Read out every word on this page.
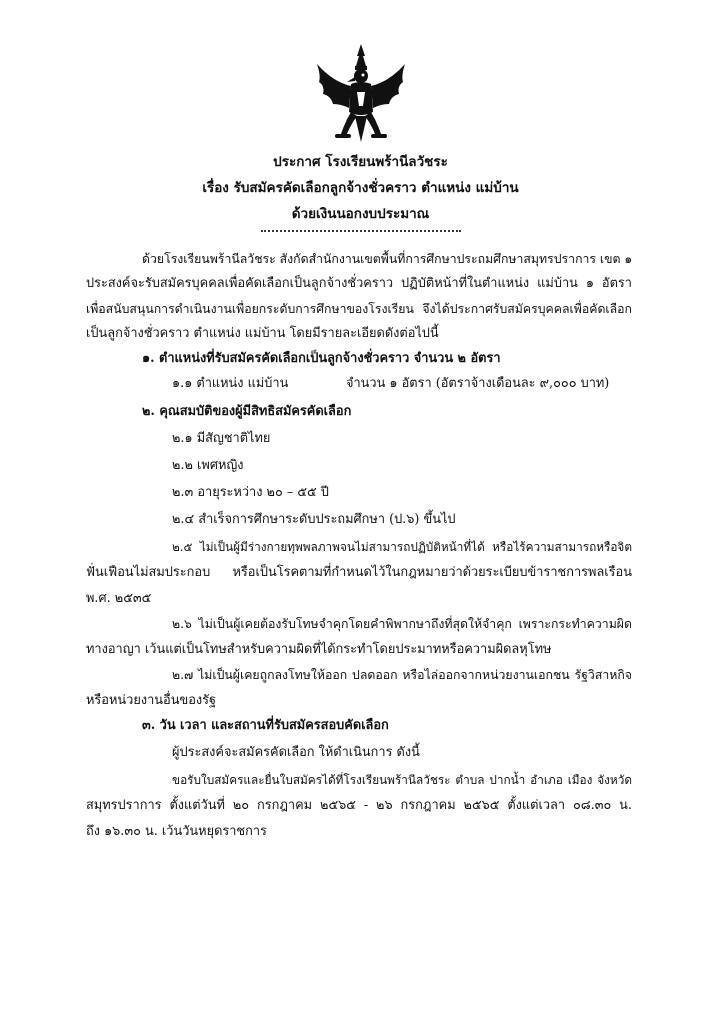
ประกาศ โรงเรียนพร้านีลวัชระ
เรื่อง รับสมัครคัดเลือกลูกจ้างชั่วคราว ตำแหน่ง แม่บ้าน
ด้วยเงินนอกงบประมาณ
ด้วยโรงเรียนพร้านีลวัชระ สังกัดสำนักงานเขตพื้นที่การศึกษาประถมศึกษาสมุทรปราการ เขต ๑
ประสงค์จะรับสมัครบุคคลเพื่อคัดเลือกเป็นลูกจ้างชั่วคราว ปฏิบัติหน้าที่ในตำแหน่ง แม่บ้าน ๑ อัตรา
เพื่อสนับสนุนการดำเนินงานเพื่อยกระดับการศึกษาของโรงเรียน จึงได้ประกาศรับสมัครบุคคลเพื่อคัดเลือก
เป็นลูกจ้างชั่วคราว ตำแหน่ง แม่บ้าน โดยมีรายละเอียดดังต่อไปนี้
๑. ตำแหน่งที่รับสมัครคัดเลือกเป็นลูกจ้างชั่วคราว จำนวน ๒ อัตรา
๑.๑ ตำแหน่ง แม่บ้าน	จำนวน ๑ อัตรา (อัตราจ้างเดือนละ ๙,๐๐๐ บาท)
๒. คุณสมบัติของผู้มีสิทธิสมัครคัดเลือก
๒.๑ มีสัญชาติไทย
๒.๒ เพศหญิง
๒.๓ อายุระหว่าง ๒๐ – ๕๕ ปี
๒.๔ สำเร็จการศึกษาระดับประถมศึกษา (ป.๖) ขึ้นไป
๒.๕ ไม่เป็นผู้มีร่างกายทุพพลภาพจนไม่สามารถปฏิบัติหน้าที่ได้ หรือไร้ความสามารถหรือจิต
ฟั่นเฟือนไม่สมประกอบ หรือเป็นโรคตามที่กำหนดไว้ในกฎหมายว่าด้วยระเบียบข้าราชการพลเรือน
พ.ศ. ๒๕๓๕
๒.๖ ไม่เป็นผู้เคยต้องรับโทษจำคุกโดยคำพิพากษาถึงที่สุดให้จำคุก เพราะกระทำความผิด
ทางอาญา เว้นแต่เป็นโทษสำหรับความผิดที่ได้กระทำโดยประมาทหรือความผิดลหุโทษ
๒.๗ ไม่เป็นผู้เคยถูกลงโทษให้ออก ปลดออก หรือไล่ออกจากหน่วยงานเอกชน รัฐวิสาหกิจ
หรือหน่วยงานอื่นของรัฐ
๓. วัน เวลา และสถานที่รับสมัครสอบคัดเลือก
ผู้ประสงค์จะสมัครคัดเลือก ให้ดำเนินการ ดังนี้
ขอรับใบสมัครและยื่นใบสมัครได้ที่โรงเรียนพร้านีลวัชระ ตำบล ปากน้ำ อำเภอ เมือง จังหวัด
สมุทรปราการ ตั้งแต่วันที่ ๒๐ กรกฎาคม ๒๕๖๕ - ๒๖ กรกฎาคม ๒๕๖๕ ตั้งแต่เวลา ๐๘.๓๐ น.
ถึง ๑๖.๓๐ น. เว้นวันหยุดราชการ
